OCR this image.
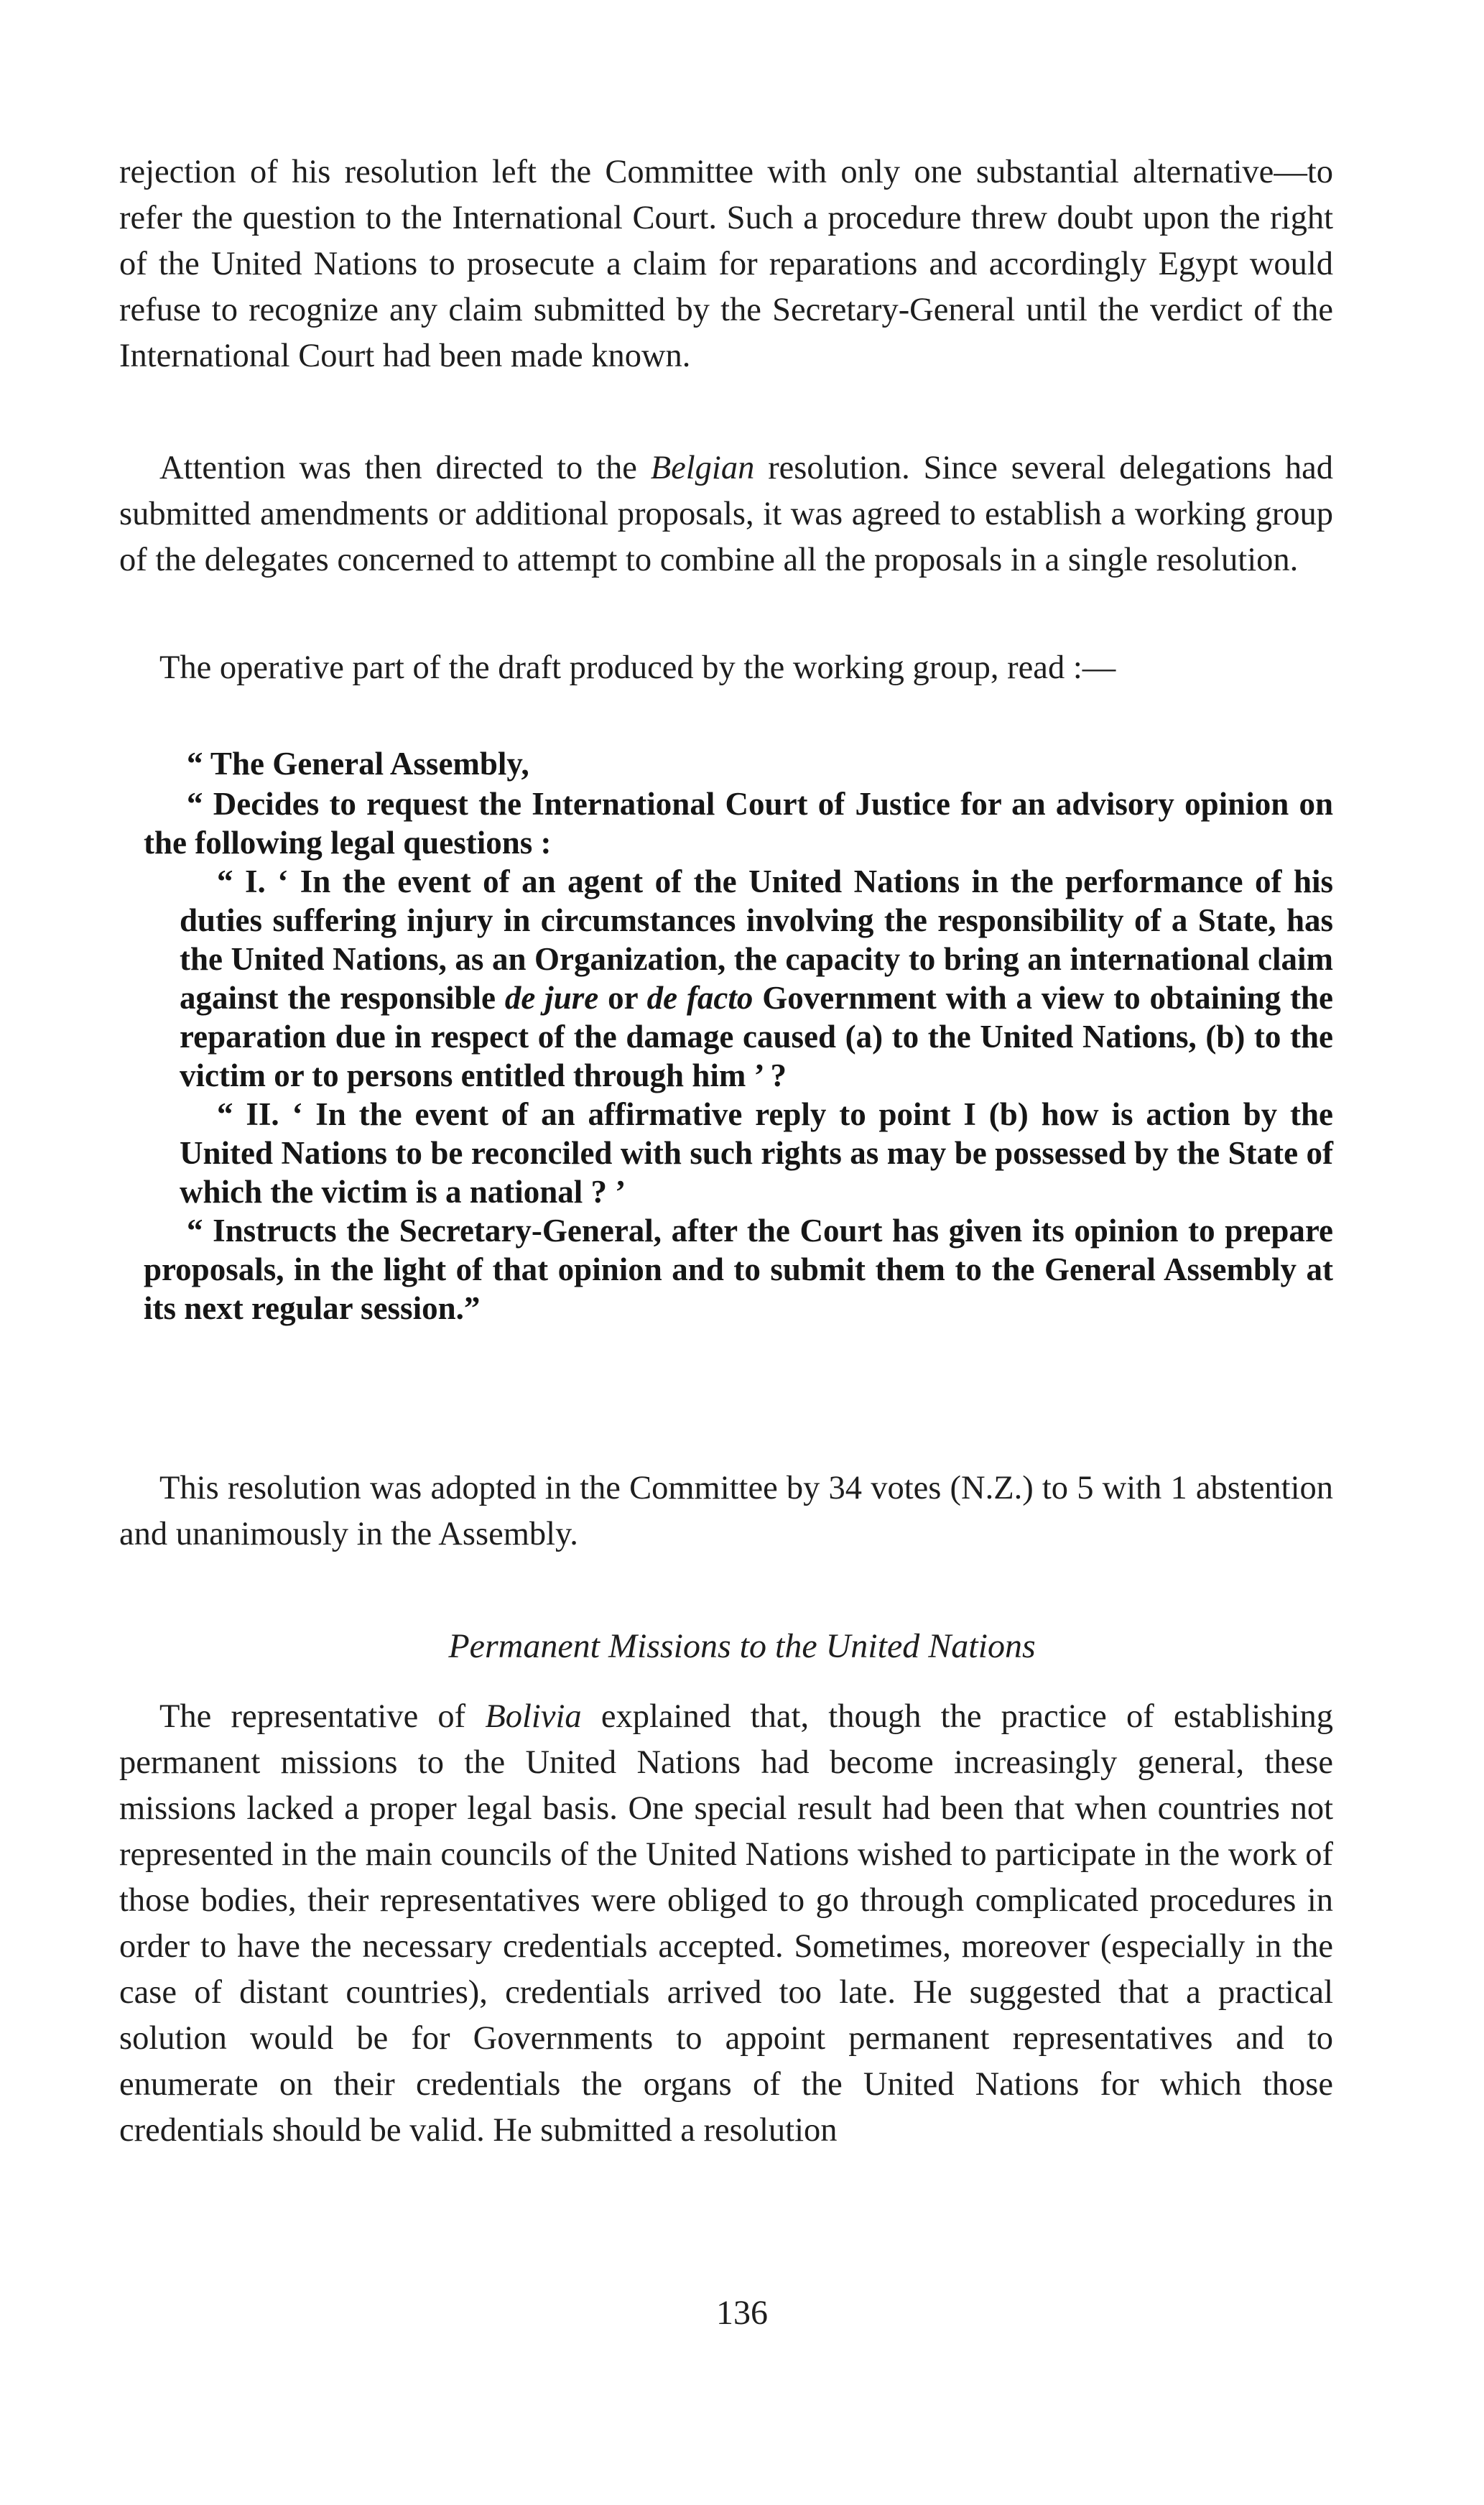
rejection of his resolution left the Committee with only one substantial alternative—to refer the question to the International Court. Such a procedure threw doubt upon the right of the United Nations to prosecute a claim for reparations and accordingly Egypt would refuse to recognize any claim submitted by the Secretary-General until the verdict of the International Court had been made known.

Attention was then directed to the Belgian resolution. Since several delegations had submitted amendments or additional proposals, it was agreed to establish a working group of the delegates concerned to attempt to combine all the proposals in a single resolution.

The operative part of the draft produced by the working group, read :—

“ The General Assembly,
“ Decides to request the International Court of Justice for an advisory opinion on the following legal questions :
“ I. ‘ In the event of an agent of the United Nations in the performance of his duties suffering injury in circumstances involving the responsibility of a State, has the United Nations, as an Organization, the capacity to bring an international claim against the responsible de jure or de facto Government with a view to obtaining the reparation due in respect of the damage caused (a) to the United Nations, (b) to the victim or to persons entitled through him ’ ?
“ II. ‘ In the event of an affirmative reply to point I (b) how is action by the United Nations to be reconciled with such rights as may be possessed by the State of which the victim is a national ? ’
“ Instructs the Secretary-General, after the Court has given its opinion to prepare proposals, in the light of that opinion and to submit them to the General Assembly at its next regular session.”

This resolution was adopted in the Committee by 34 votes (N.Z.) to 5 with 1 abstention and unanimously in the Assembly.

Permanent Missions to the United Nations

The representative of Bolivia explained that, though the practice of establishing permanent missions to the United Nations had become increasingly general, these missions lacked a proper legal basis. One special result had been that when countries not represented in the main councils of the United Nations wished to participate in the work of those bodies, their representatives were obliged to go through complicated procedures in order to have the necessary credentials accepted. Sometimes, moreover (especially in the case of distant countries), credentials arrived too late. He suggested that a practical solution would be for Governments to appoint permanent representatives and to enumerate on their credentials the organs of the United Nations for which those credentials should be valid. He submitted a resolution

136
